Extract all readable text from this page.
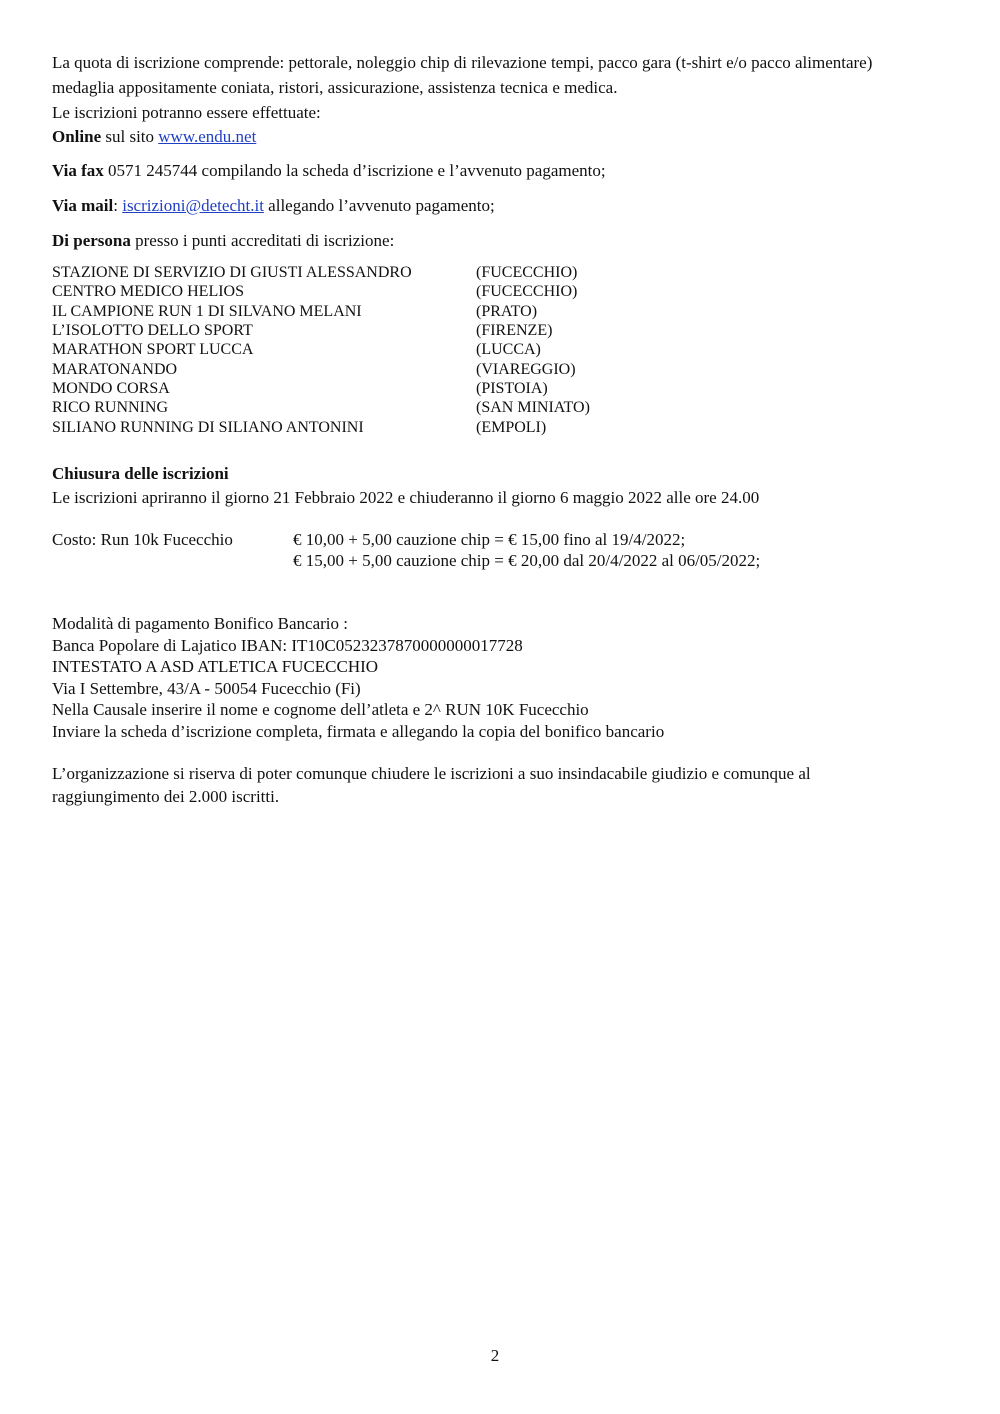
La quota di iscrizione comprende: pettorale, noleggio chip di rilevazione tempi, pacco gara (t-shirt e/o pacco alimentare)
medaglia appositamente coniata, ristori, assicurazione, assistenza tecnica e medica.
Le iscrizioni potranno essere effettuate:
Online sul sito www.endu.net
Via fax 0571 245744 compilando la scheda d’iscrizione e l’avvenuto pagamento;
Via mail: iscrizioni@detecht.it allegando l’avvenuto pagamento;
Di persona presso i punti accreditati di iscrizione:
STAZIONE DI SERVIZIO DI GIUSTI ALESSANDRO	(FUCECCHIO)
CENTRO MEDICO HELIOS	(FUCECCHIO)
IL CAMPIONE RUN 1 DI SILVANO MELANI	(PRATO)
L’ISOLOTTO DELLO SPORT	(FIRENZE)
MARATHON SPORT LUCCA	(LUCCA)
MARATONANDO	(VIAREGGIO)
MONDO CORSA	(PISTOIA)
RICO RUNNING	(SAN MINIATO)
SILIANO RUNNING DI SILIANO ANTONINI	(EMPOLI)
Chiusura delle iscrizioni
Le iscrizioni apriranno il giorno 21 Febbraio 2022 e chiuderanno il giorno 6 maggio 2022 alle ore 24.00
Costo: Run 10k Fucecchio	€ 10,00 + 5,00 cauzione chip = € 15,00 fino al 19/4/2022;
€ 15,00 + 5,00 cauzione chip = € 20,00 dal 20/4/2022 al 06/05/2022;
Modalità di pagamento Bonifico Bancario :
Banca Popolare di Lajatico IBAN: IT10C0523237870000000017728
INTESTATO A ASD ATLETICA FUCECCHIO
Via I Settembre, 43/A - 50054 Fucecchio (Fi)
Nella Causale inserire il nome e cognome dell’atleta e 2^ RUN 10K Fucecchio
Inviare la scheda d’iscrizione completa, firmata e allegando la copia del bonifico bancario
L’organizzazione si riserva di poter comunque chiudere le iscrizioni a suo insindacabile giudizio e comunque al
raggiungimento dei 2.000 iscritti.
2
